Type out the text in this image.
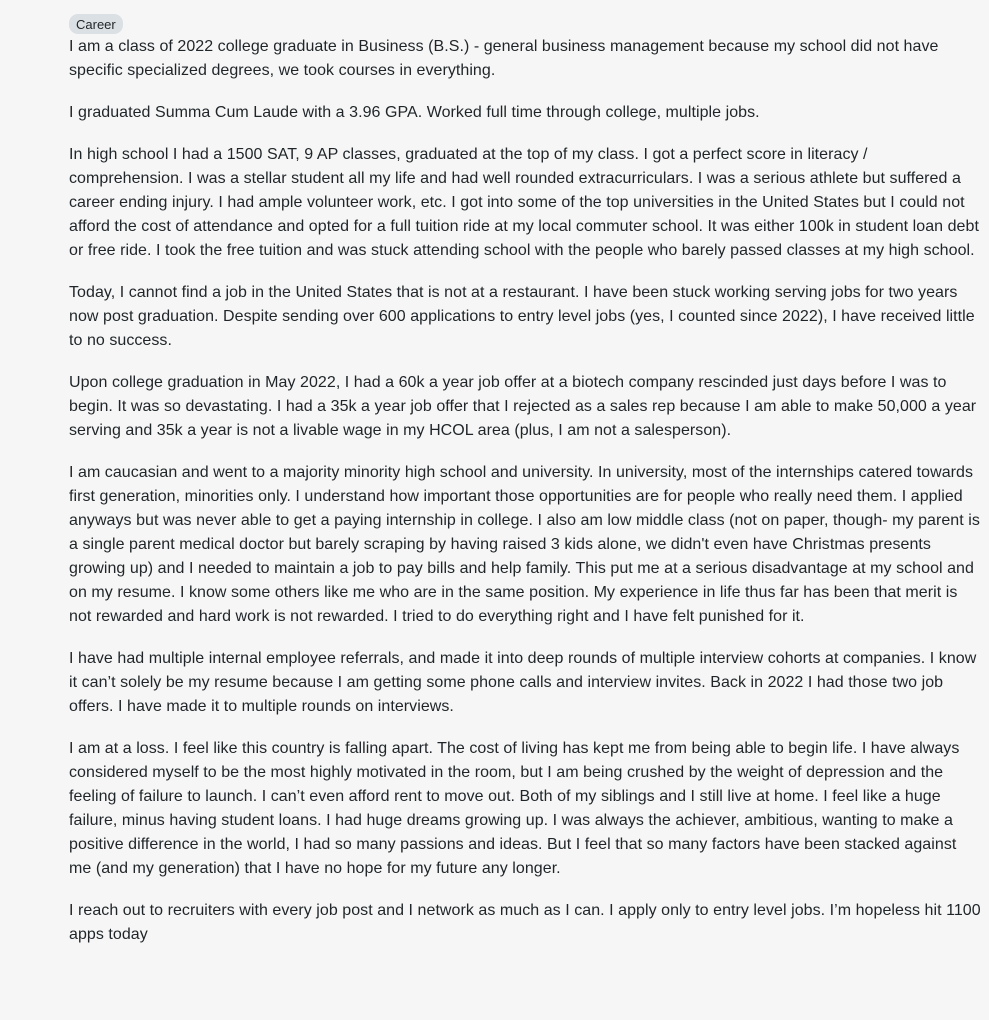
Career

I am a class of 2022 college graduate in Business (B.S.) - general business management because my school did not have specific specialized degrees, we took courses in everything.

I graduated Summa Cum Laude with a 3.96 GPA. Worked full time through college, multiple jobs.

In high school I had a 1500 SAT, 9 AP classes, graduated at the top of my class. I got a perfect score in literacy / comprehension. I was a stellar student all my life and had well rounded extracurriculars. I was a serious athlete but suffered a career ending injury. I had ample volunteer work, etc. I got into some of the top universities in the United States but I could not afford the cost of attendance and opted for a full tuition ride at my local commuter school. It was either 100k in student loan debt or free ride. I took the free tuition and was stuck attending school with the people who barely passed classes at my high school.

Today, I cannot find a job in the United States that is not at a restaurant. I have been stuck working serving jobs for two years now post graduation. Despite sending over 600 applications to entry level jobs (yes, I counted since 2022), I have received little to no success.

Upon college graduation in May 2022, I had a 60k a year job offer at a biotech company rescinded just days before I was to begin. It was so devastating. I had a 35k a year job offer that I rejected as a sales rep because I am able to make 50,000 a year serving and 35k a year is not a livable wage in my HCOL area (plus, I am not a salesperson).

I am caucasian and went to a majority minority high school and university. In university, most of the internships catered towards first generation, minorities only. I understand how important those opportunities are for people who really need them. I applied anyways but was never able to get a paying internship in college. I also am low middle class (not on paper, though- my parent is a single parent medical doctor but barely scraping by having raised 3 kids alone, we didn't even have Christmas presents growing up) and I needed to maintain a job to pay bills and help family. This put me at a serious disadvantage at my school and on my resume. I know some others like me who are in the same position. My experience in life thus far has been that merit is not rewarded and hard work is not rewarded. I tried to do everything right and I have felt punished for it.

I have had multiple internal employee referrals, and made it into deep rounds of multiple interview cohorts at companies. I know it can’t solely be my resume because I am getting some phone calls and interview invites. Back in 2022 I had those two job offers. I have made it to multiple rounds on interviews.

I am at a loss. I feel like this country is falling apart. The cost of living has kept me from being able to begin life. I have always considered myself to be the most highly motivated in the room, but I am being crushed by the weight of depression and the feeling of failure to launch. I can’t even afford rent to move out. Both of my siblings and I still live at home. I feel like a huge failure, minus having student loans. I had huge dreams growing up. I was always the achiever, ambitious, wanting to make a positive difference in the world, I had so many passions and ideas. But I feel that so many factors have been stacked against me (and my generation) that I have no hope for my future any longer.

I reach out to recruiters with every job post and I network as much as I can. I apply only to entry level jobs. I’m hopeless hit 1100 apps today
